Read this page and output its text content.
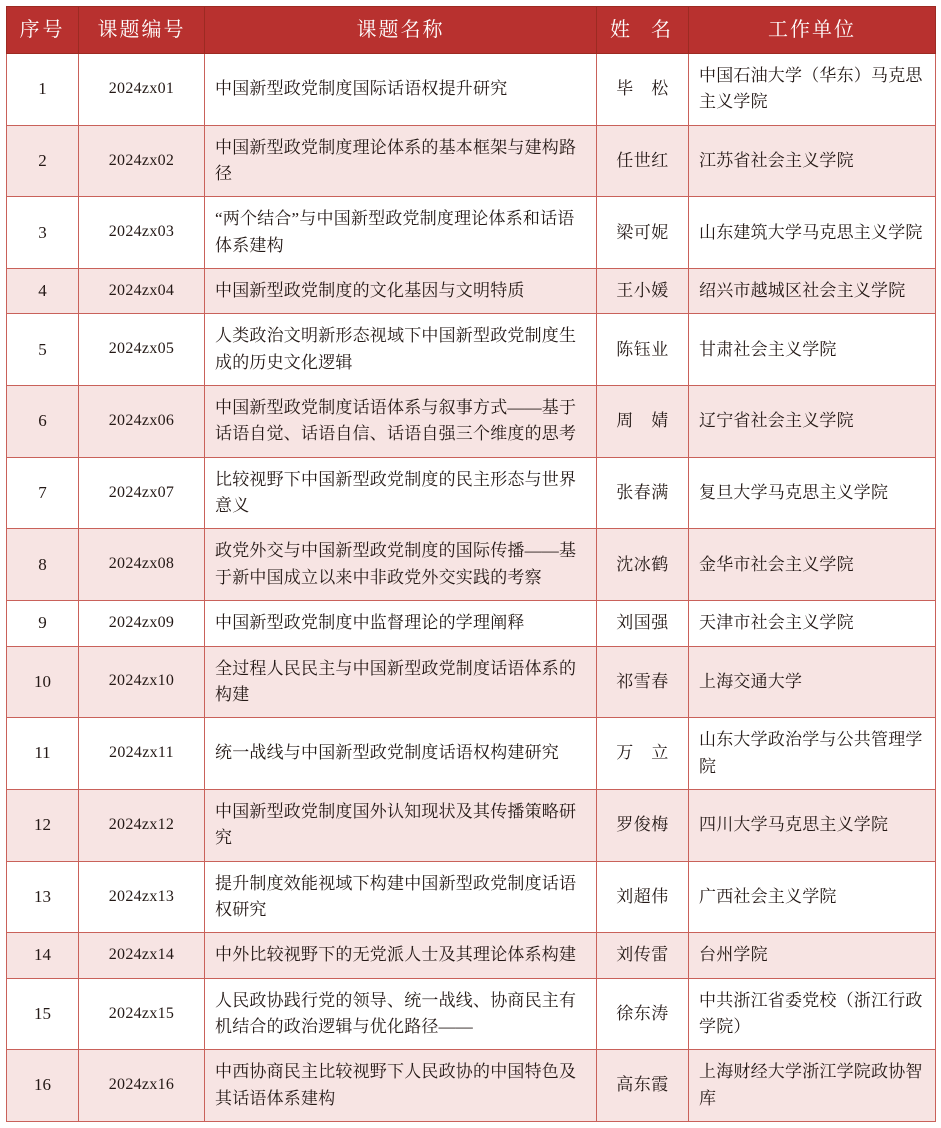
序号	课题编号	课题名称	姓 名	工作单位
1	2024zx01	中国新型政党制度国际话语权提升研究	毕　松	中国石油大学（华东）马克思主义学院
2	2024zx02	中国新型政党制度理论体系的基本框架与建构路径	任世红	江苏省社会主义学院
3	2024zx03	“两个结合”与中国新型政党制度理论体系和话语体系建构	梁可妮	山东建筑大学马克思主义学院
4	2024zx04	中国新型政党制度的文化基因与文明特质	王小媛	绍兴市越城区社会主义学院
5	2024zx05	人类政治文明新形态视域下中国新型政党制度生成的历史文化逻辑	陈钰业	甘肃社会主义学院
6	2024zx06	中国新型政党制度话语体系与叙事方式——基于话语自觉、话语自信、话语自强三个维度的思考	周　婧	辽宁省社会主义学院
7	2024zx07	比较视野下中国新型政党制度的民主形态与世界意义	张春满	复旦大学马克思主义学院
8	2024zx08	政党外交与中国新型政党制度的国际传播——基于新中国成立以来中非政党外交实践的考察	沈冰鹤	金华市社会主义学院
9	2024zx09	中国新型政党制度中监督理论的学理阐释	刘国强	天津市社会主义学院
10	2024zx10	全过程人民民主与中国新型政党制度话语体系的构建	祁雪春	上海交通大学
11	2024zx11	统一战线与中国新型政党制度话语权构建研究	万　立	山东大学政治学与公共管理学院
12	2024zx12	中国新型政党制度国外认知现状及其传播策略研究	罗俊梅	四川大学马克思主义学院
13	2024zx13	提升制度效能视域下构建中国新型政党制度话语权研究	刘超伟	广西社会主义学院
14	2024zx14	中外比较视野下的无党派人士及其理论体系构建	刘传雷	台州学院
15	2024zx15	人民政协践行党的领导、统一战线、协商民主有机结合的政治逻辑与优化路径——	徐东涛	中共浙江省委党校（浙江行政学院）
16	2024zx16	中西协商民主比较视野下人民政协的中国特色及其话语体系建构	高东霞	上海财经大学浙江学院政协智库
